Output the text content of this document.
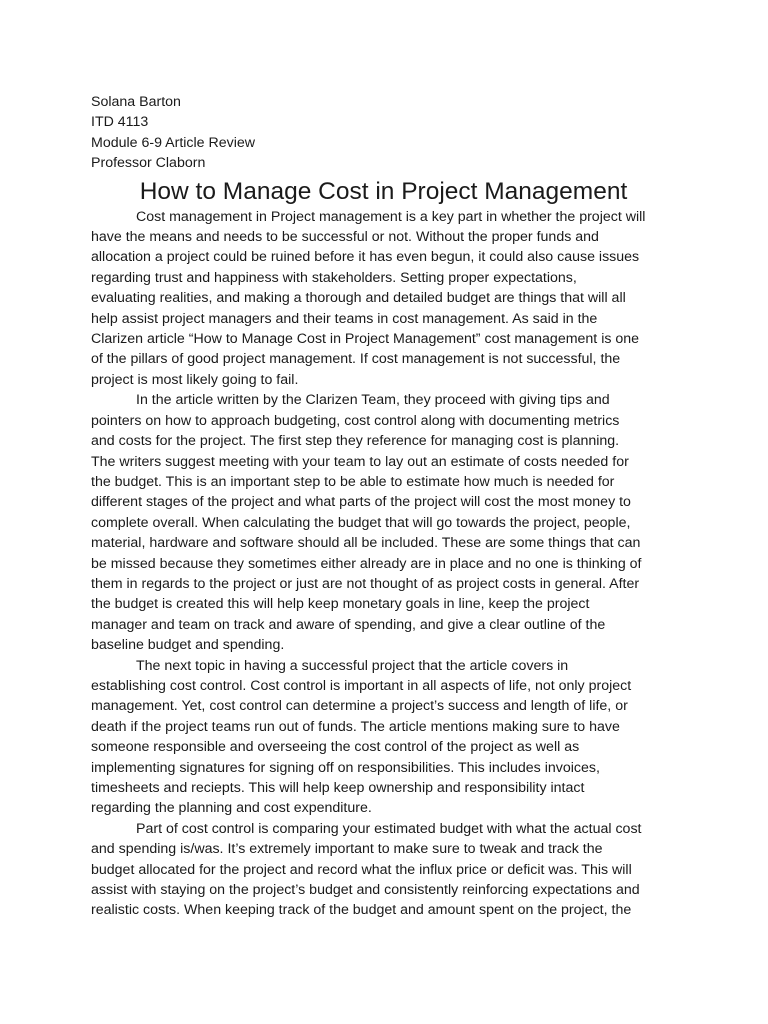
Solana Barton
ITD 4113
Module 6-9 Article Review
Professor Claborn
How to Manage Cost in Project Management

Cost management in Project management is a key part in whether the project will
have the means and needs to be successful or not. Without the proper funds and
allocation a project could be ruined before it has even begun, it could also cause issues
regarding trust and happiness with stakeholders. Setting proper expectations,
evaluating realities, and making a thorough and detailed budget are things that will all
help assist project managers and their teams in cost management. As said in the
Clarizen article “How to Manage Cost in Project Management” cost management is one
of the pillars of good project management. If cost management is not successful, the
project is most likely going to fail.

In the article written by the Clarizen Team, they proceed with giving tips and
pointers on how to approach budgeting, cost control along with documenting metrics
and costs for the project. The first step they reference for managing cost is planning.
The writers suggest meeting with your team to lay out an estimate of costs needed for
the budget. This is an important step to be able to estimate how much is needed for
different stages of the project and what parts of the project will cost the most money to
complete overall. When calculating the budget that will go towards the project, people,
material, hardware and software should all be included. These are some things that can
be missed because they sometimes either already are in place and no one is thinking of
them in regards to the project or just are not thought of as project costs in general. After
the budget is created this will help keep monetary goals in line, keep the project
manager and team on track and aware of spending, and give a clear outline of the
baseline budget and spending.

The next topic in having a successful project that the article covers in
establishing cost control. Cost control is important in all aspects of life, not only project
management. Yet, cost control can determine a project’s success and length of life, or
death if the project teams run out of funds. The article mentions making sure to have
someone responsible and overseeing the cost control of the project as well as
implementing signatures for signing off on responsibilities. This includes invoices,
timesheets and reciepts. This will help keep ownership and responsibility intact
regarding the planning and cost expenditure.

Part of cost control is comparing your estimated budget with what the actual cost
and spending is/was. It’s extremely important to make sure to tweak and track the
budget allocated for the project and record what the influx price or deficit was. This will
assist with staying on the project’s budget and consistently reinforcing expectations and
realistic costs. When keeping track of the budget and amount spent on the project, the
